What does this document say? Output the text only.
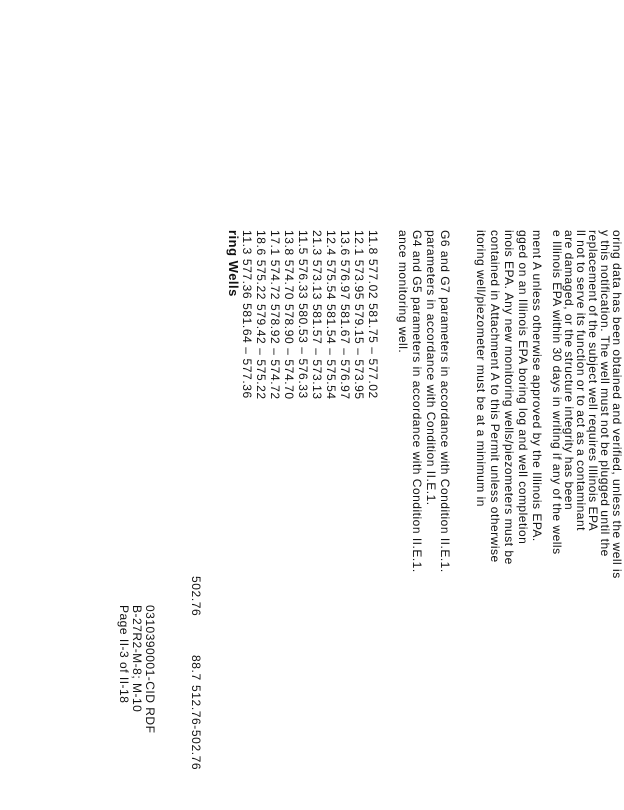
031039​0001-CID RDF
B-27R2-M-8; M-10
Page II-3 of II-18	88.7
502.76
512.76-502.76
ring Wells 11.3 577.36 581.64 – 577.36
18.6 575.22 579.42 – 575.22
17.1 574.72 578.92 – 574.72
13.8 574.70 578.90 – 574.70
11.5 576.33 580.53 – 576.33
21.3 573.13 581.57 – 573.13
12.4 575.54 581.54 – 575.54
13.6 576.97 581.67 – 576.97
12.1 573.95 579.15 – 573.95
11.8 577.02 581.75 – 577.02 ance monitoring well. G4 and G5 parameters in accordance with Condition II.E.1. parameters in accordance with Condition II.E.1. G6 and G7 parameters in accordance with Condition II.E.1. itoring well/piezometer must be at a minimum in contained in Attachment A to this Permit unless otherwise inois EPA. Any new monitoring wells/piezometers must be gged on an Illinois EPA boring log and well completion ment A unless otherwise approved by the Illinois EPA. e Illinois EPA within 30 days in writing if any of the wells
are damaged, or the structure integrity has been
ll not to serve its function or to act as a contaminant
replacement of the subject well requires Illinois EPA
y this notification. The well must not be plugged until the
oring data has been obtained and verified, unless the well is
